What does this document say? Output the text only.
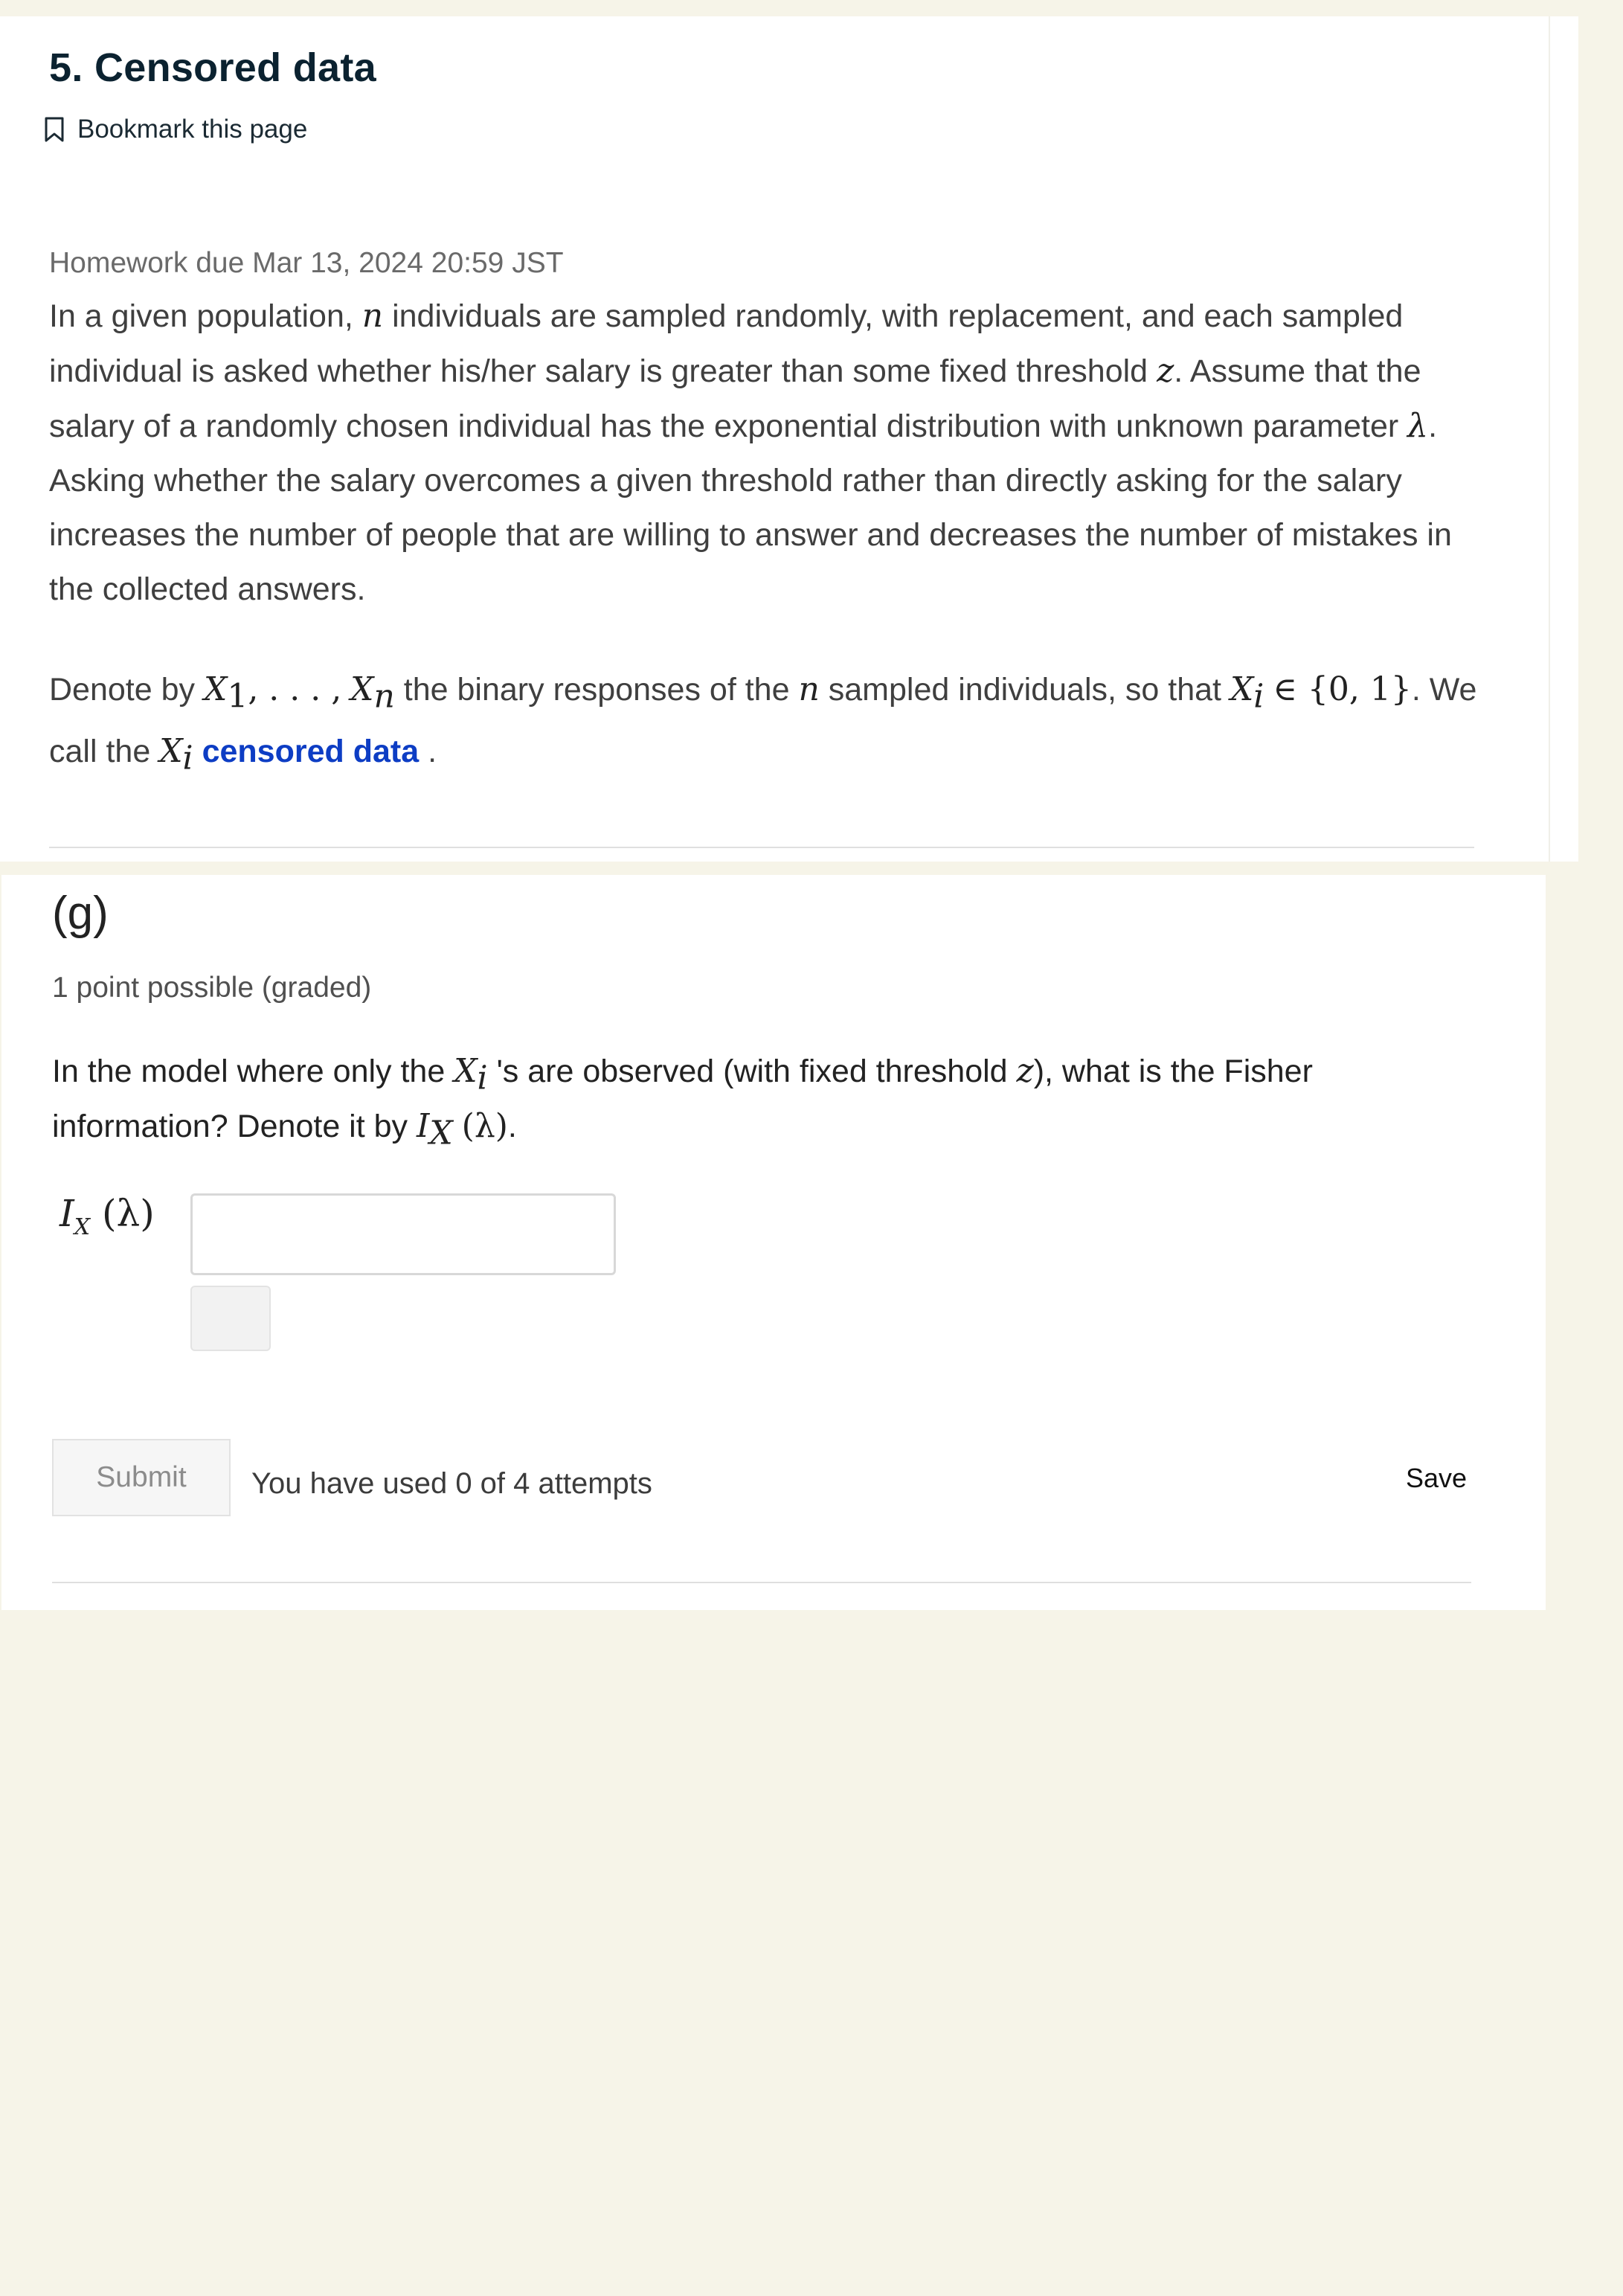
5. Censored data
Bookmark this page
Homework due Mar 13, 2024 20:59 JST
In a given population, n individuals are sampled randomly, with replacement, and each sampled individual is asked whether his/her salary is greater than some fixed threshold z. Assume that the salary of a randomly chosen individual has the exponential distribution with unknown parameter λ. Asking whether the salary overcomes a given threshold rather than directly asking for the salary increases the number of people that are willing to answer and decreases the number of mistakes in the collected answers.
Denote by $X_1$, . . . , $X_n$ the binary responses of the n sampled individuals, so that $X_i$ ∈ {0, 1}. We call the $X_i$ censored data .
(g)
1 point possible (graded)
In the model where only the $X_i$ 's are observed (with fixed threshold z), what is the Fisher information? Denote it by $I_X$ (λ).
$I_X$ (λ)
Submit	You have used 0 of 4 attempts	Save
